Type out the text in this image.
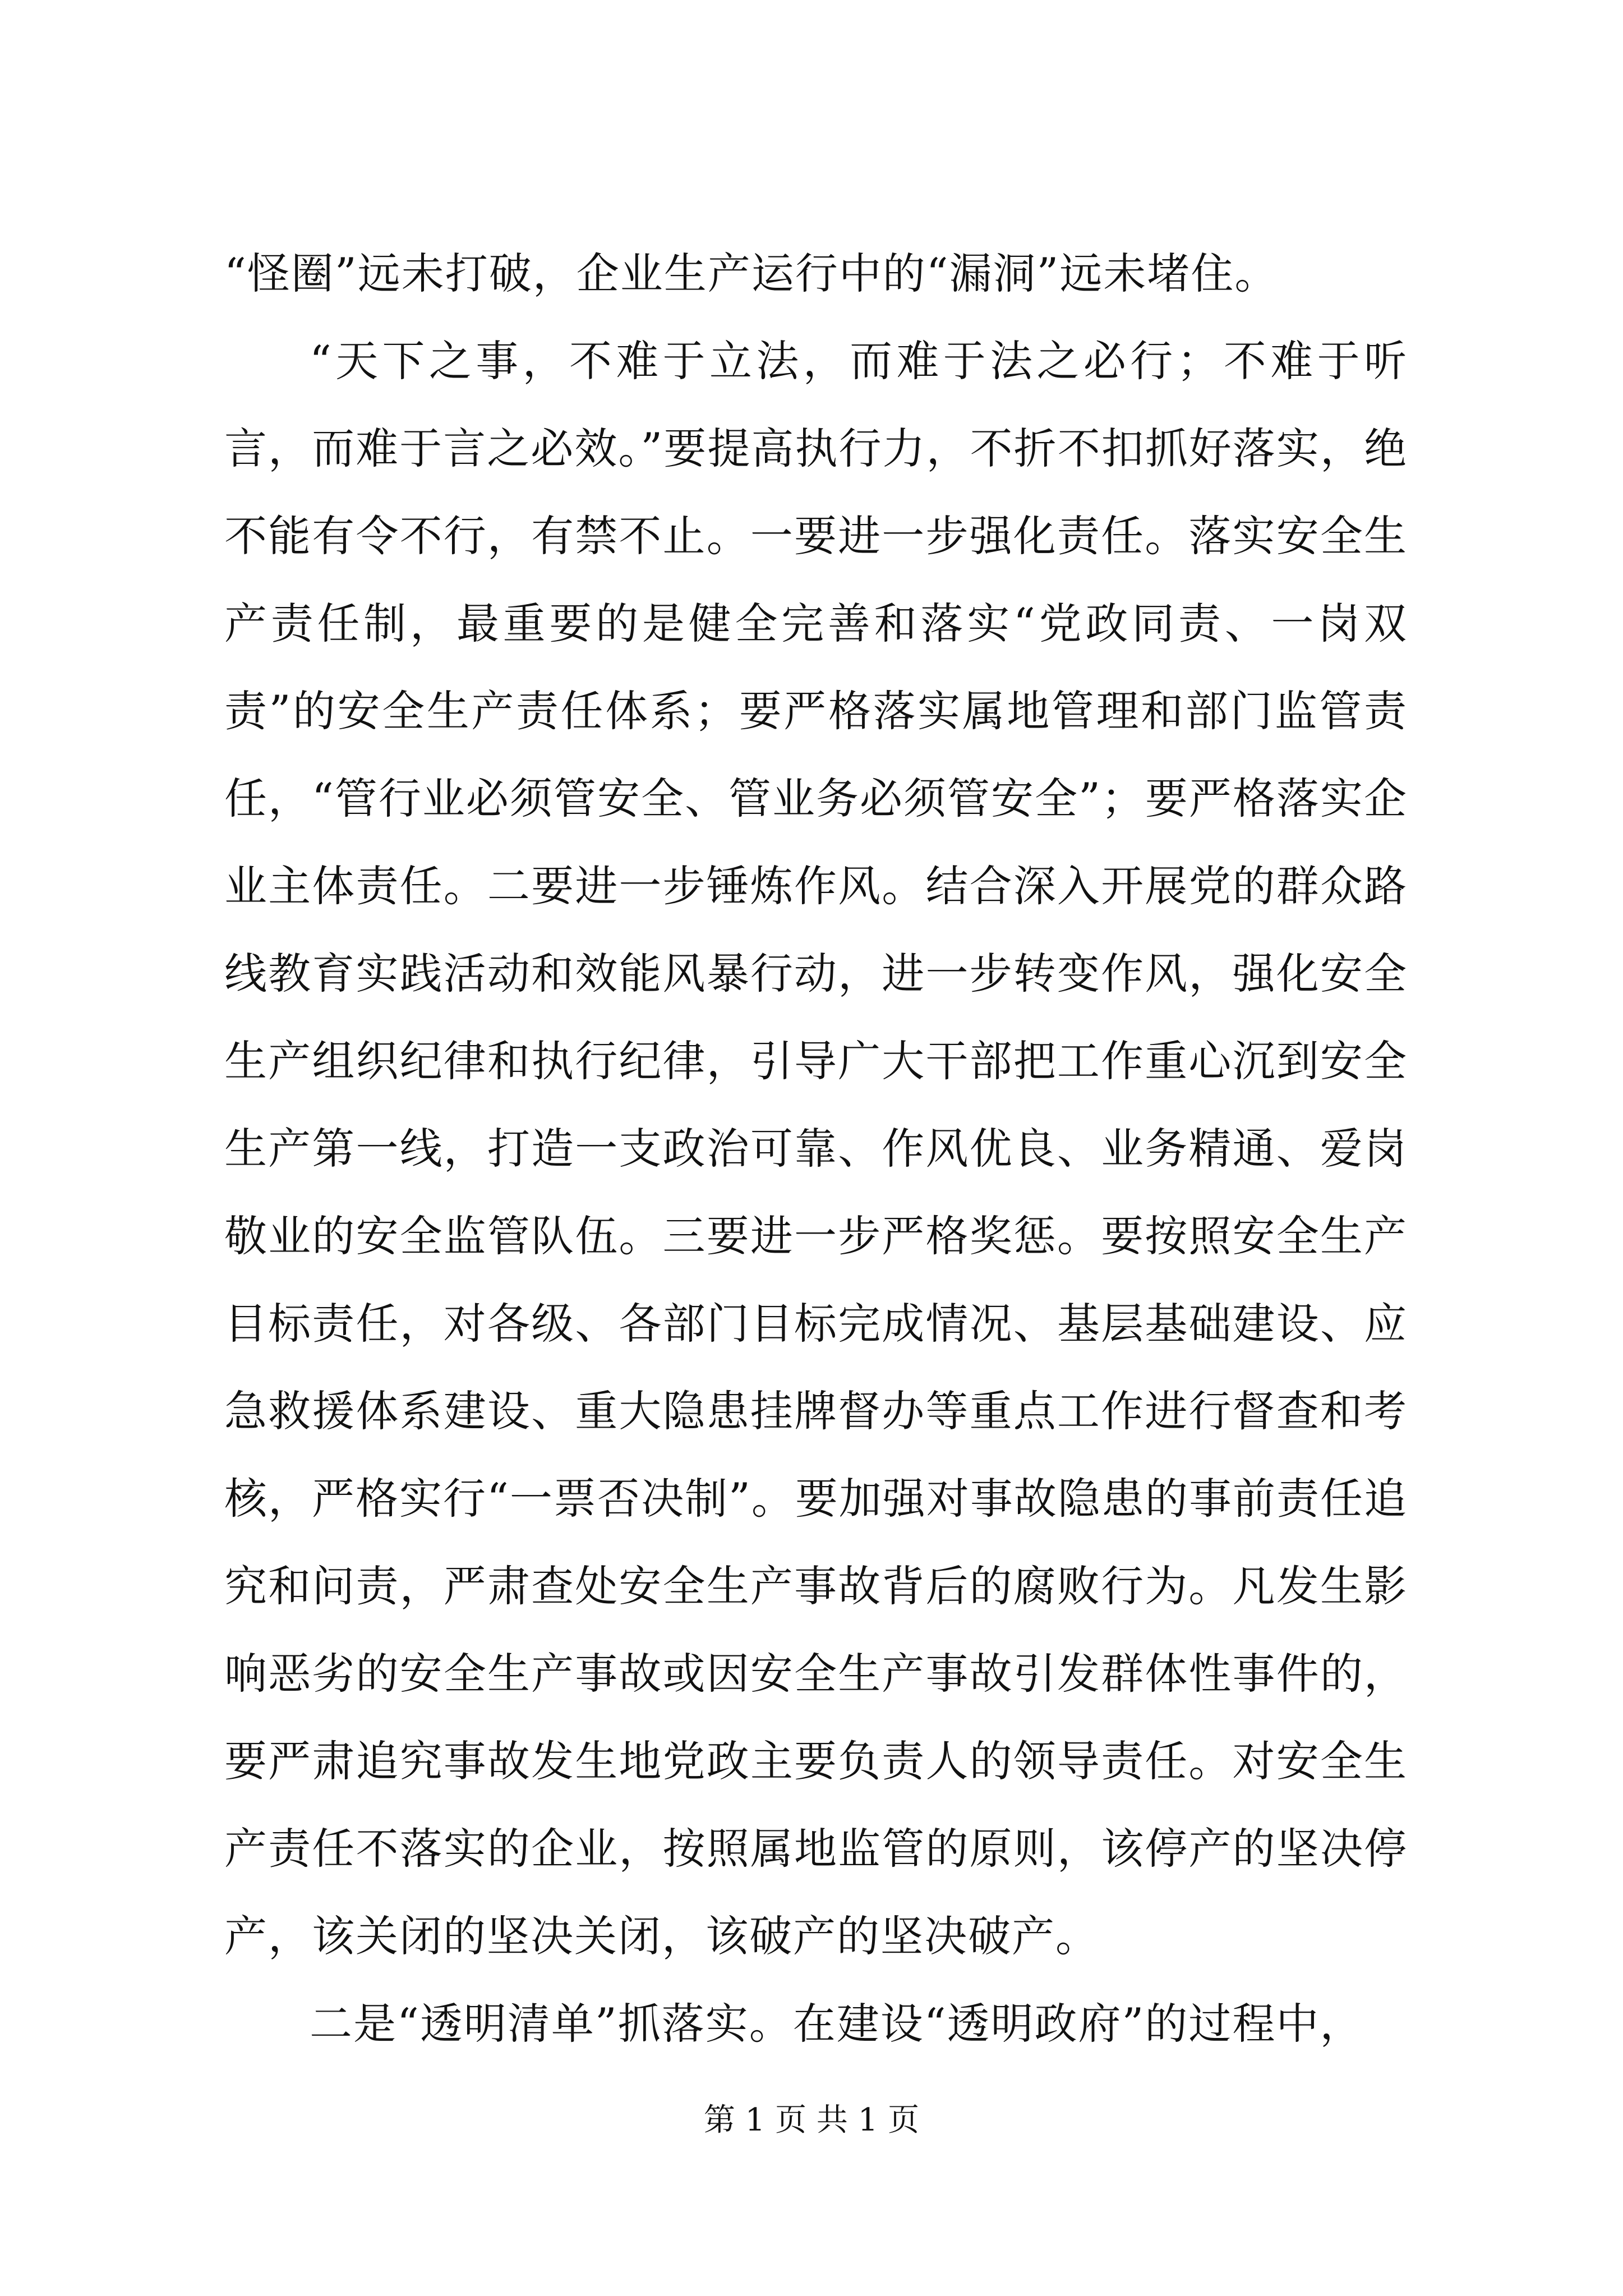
“怪圈”远未打破，企业生产运行中的“漏洞”远未堵住。

“天下之事，不难于立法，而难于法之必行；不难于听言，而难于言之必效。”要提高执行力，不折不扣抓好落实，绝不能有令不行，有禁不止。一要进一步强化责任。落实安全生产责任制，最重要的是健全完善和落实“党政同责、一岗双责”的安全生产责任体系；要严格落实属地管理和部门监管责任，“管行业必须管安全、管业务必须管安全”；要严格落实企业主体责任。二要进一步锤炼作风。结合深入开展党的群众路线教育实践活动和效能风暴行动，进一步转变作风，强化安全生产组织纪律和执行纪律，引导广大干部把工作重心沉到安全生产第一线，打造一支政治可靠、作风优良、业务精通、爱岗敬业的安全监管队伍。三要进一步严格奖惩。要按照安全生产目标责任，对各级、各部门目标完成情况、基层基础建设、应急救援体系建设、重大隐患挂牌督办等重点工作进行督查和考核，严格实行“一票否决制”。要加强对事故隐患的事前责任追究和问责，严肃查处安全生产事故背后的腐败行为。凡发生影响恶劣的安全生产事故或因安全生产事故引发群体性事件的，要严肃追究事故发生地党政主要负责人的领导责任。对安全生产责任不落实的企业，按照属地监管的原则，该停产的坚决停产，该关闭的坚决关闭，该破产的坚决破产。

二是“透明清单”抓落实。在建设“透明政府”的过程中，

第 1 页 共 1 页
